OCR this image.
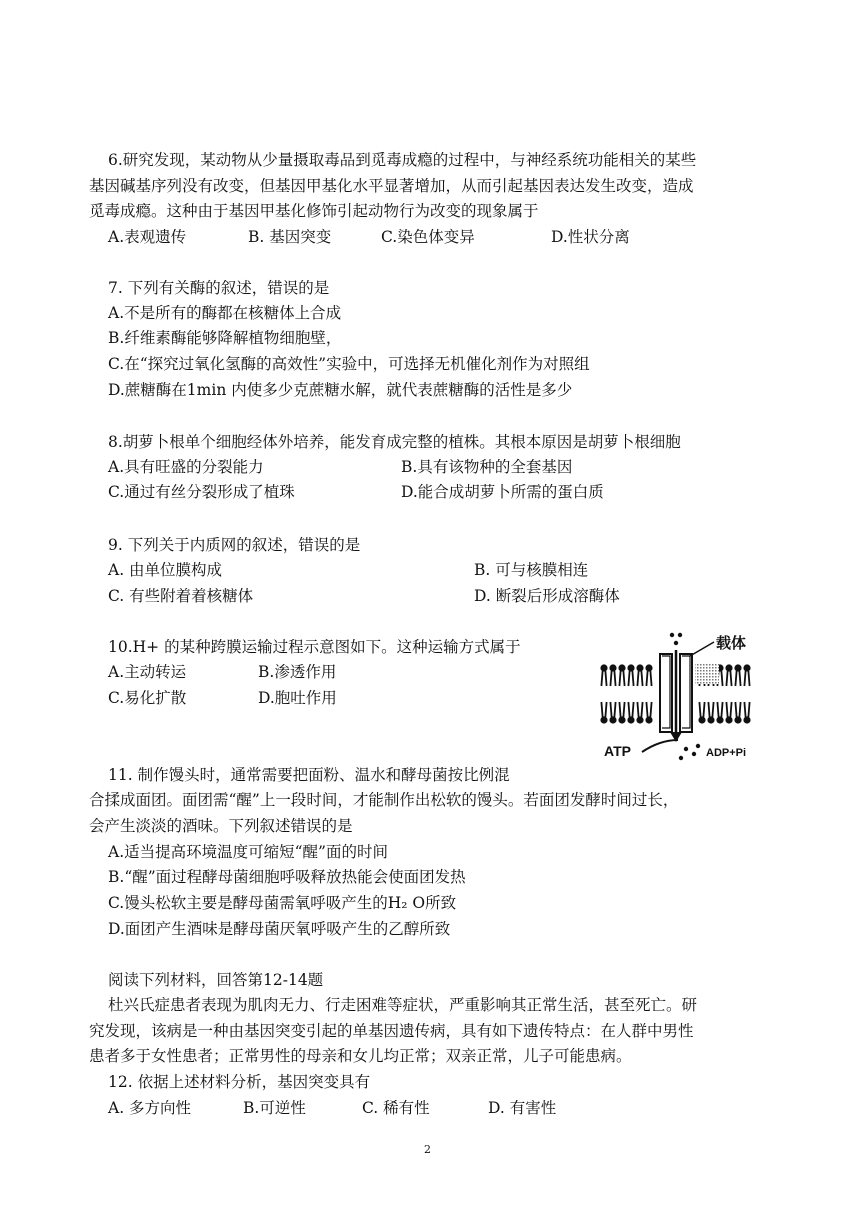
6.研究发现，某动物从少量摄取毒品到觅毒成瘾的过程中，与神经系统功能相关的某些
基因碱基序列没有改变，但基因甲基化水平显著增加，从而引起基因表达发生改变，造成
觅毒成瘾。这种由于基因甲基化修饰引起动物行为改变的现象属于
A.表观遗传	B. 基因突变	C.染色体变异	D.性状分离
7. 下列有关酶的叙述，错误的是
A.不是所有的酶都在核糖体上合成
B.纤维素酶能够降解植物细胞壁，
C.在“探究过氧化氢酶的高效性”实验中，可选择无机催化剂作为对照组
D.蔗糖酶在1min 内使多少克蔗糖水解，就代表蔗糖酶的活性是多少
8.胡萝卜根单个细胞经体外培养，能发育成完整的植株。其根本原因是胡萝卜根细胞
A.具有旺盛的分裂能力	B.具有该物种的全套基因
C.通过有丝分裂形成了植珠	D.能合成胡萝卜所需的蛋白质
9. 下列关于内质网的叙述，错误的是
A. 由单位膜构成	B. 可与核膜相连
C. 有些附着着核糖体	D. 断裂后形成溶酶体
10.H+ 的某种跨膜运输过程示意图如下。这种运输方式属于
A.主动转运	B.渗透作用
C.易化扩散	D.胞吐作用
载体
ATP	ADP+Pi
11. 制作馒头时，通常需要把面粉、温水和酵母菌按比例混
合揉成面团。面团需“醒”上一段时间，才能制作出松软的馒头。若面团发酵时间过长，
会产生淡淡的酒味。下列叙述错误的是
A.适当提高环境温度可缩短“醒”面的时间
B.“醒”面过程酵母菌细胞呼吸释放热能会使面团发热
C.馒头松软主要是酵母菌需氧呼吸产生的H₂ O所致
D.面团产生酒味是酵母菌厌氧呼吸产生的乙醇所致
阅读下列材料，回答第12-14题
杜兴氏症患者表现为肌肉无力、行走困难等症状，严重影响其正常生活，甚至死亡。研
究发现，该病是一种由基因突变引起的单基因遗传病，具有如下遗传特点：在人群中男性
患者多于女性患者；正常男性的母亲和女儿均正常；双亲正常，儿子可能患病。
12. 依据上述材料分析，基因突变具有
A. 多方向性	B.可逆性	C. 稀有性	D. 有害性
2
